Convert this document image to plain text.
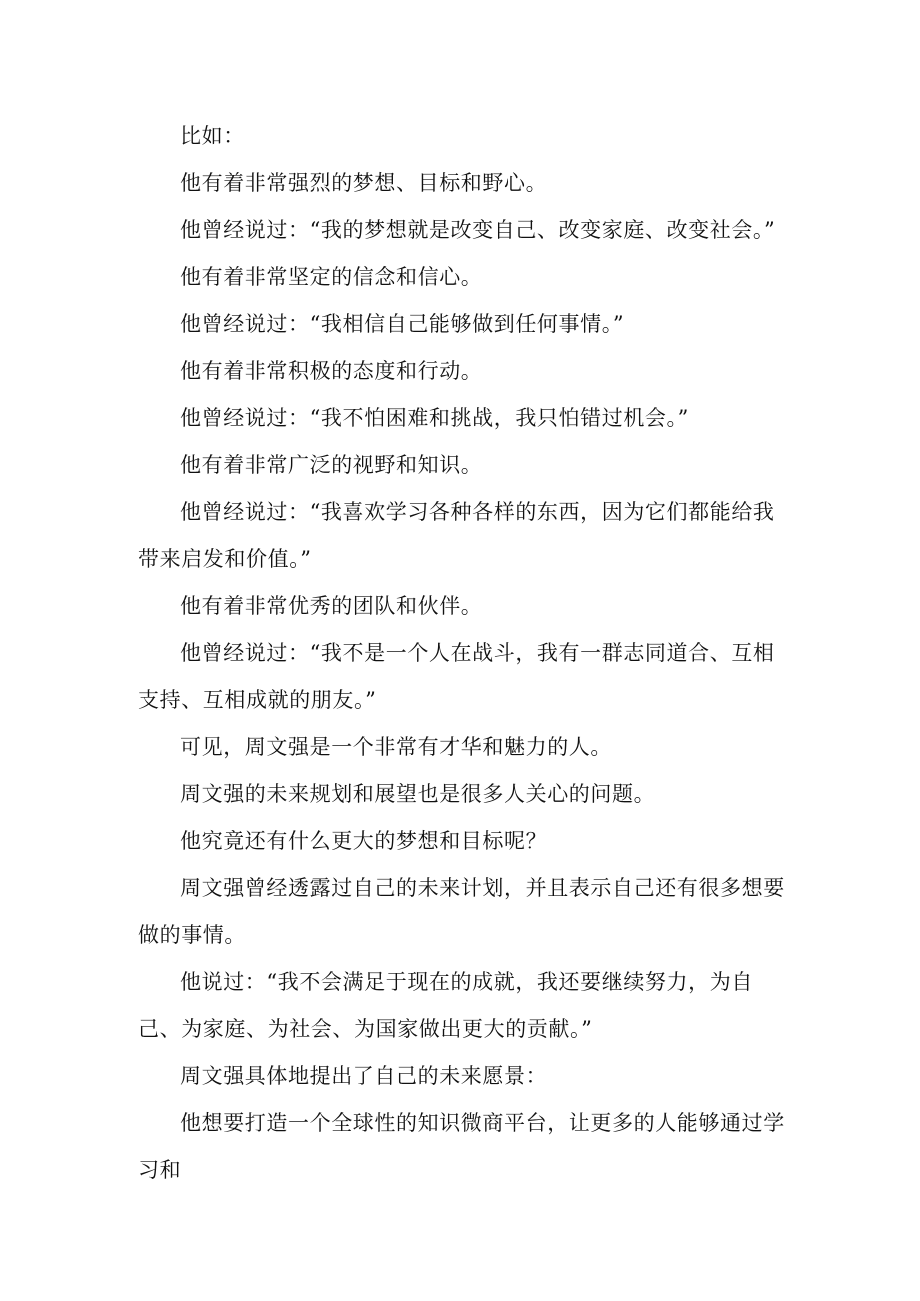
比如：

他有着非常强烈的梦想、目标和野心。

他曾经说过：“我的梦想就是改变自己、改变家庭、改变社会。”

他有着非常坚定的信念和信心。

他曾经说过：“我相信自己能够做到任何事情。”

他有着非常积极的态度和行动。

他曾经说过：“我不怕困难和挑战，我只怕错过机会。”

他有着非常广泛的视野和知识。

他曾经说过：“我喜欢学习各种各样的东西，因为它们都能给我带来启发和价值。”

他有着非常优秀的团队和伙伴。

他曾经说过：“我不是一个人在战斗，我有一群志同道合、互相支持、互相成就的朋友。”

可见，周文强是一个非常有才华和魅力的人。

周文强的未来规划和展望也是很多人关心的问题。

他究竟还有什么更大的梦想和目标呢？

周文强曾经透露过自己的未来计划，并且表示自己还有很多想要做的事情。

他说过：“我不会满足于现在的成就，我还要继续努力，为自己、为家庭、为社会、为国家做出更大的贡献。”

周文强具体地提出了自己的未来愿景：

他想要打造一个全球性的知识微商平台，让更多的人能够通过学习和
